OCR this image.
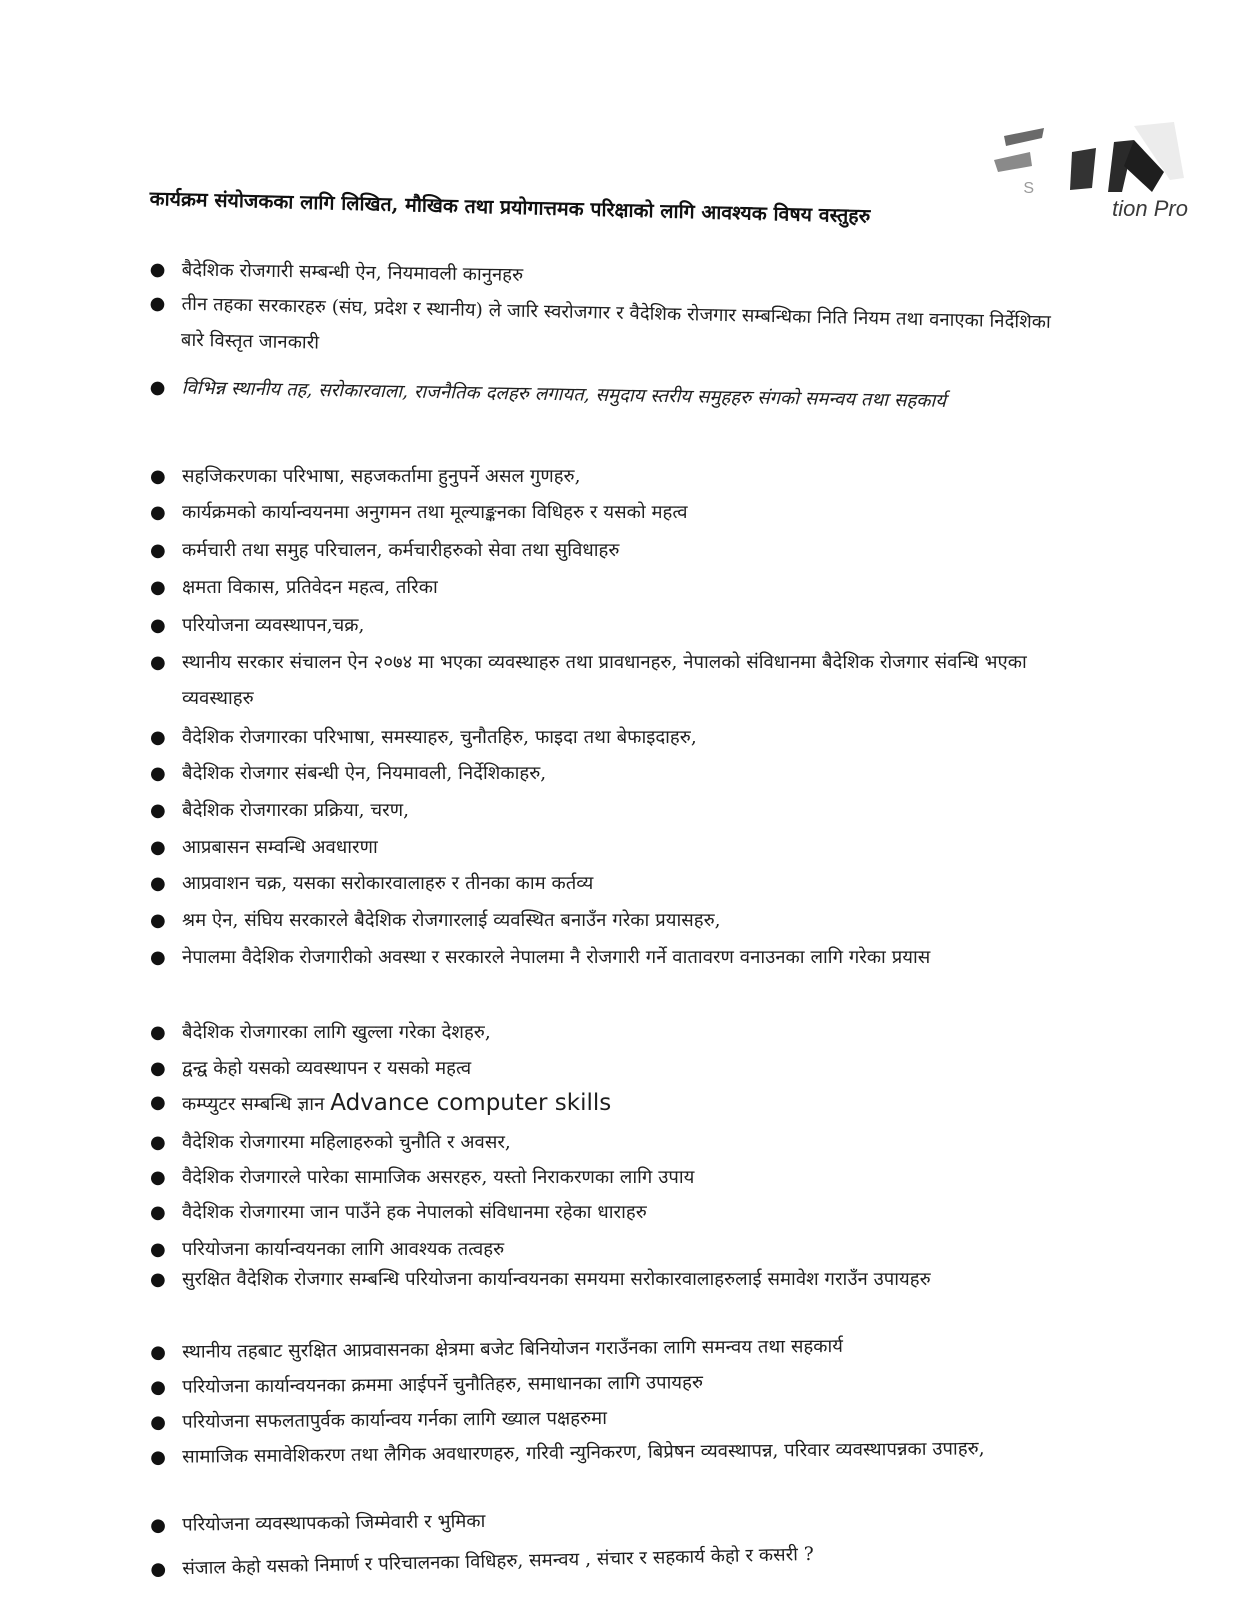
S
tion Pro
कार्यक्रम संयोजकका लागि लिखित, मौखिक तथा प्रयोगात्तमक परिक्षाको लागि आवश्यक विषय वस्तुहरु
● बैदेशिक रोजगारी सम्बन्धी ऐन, नियमावली कानुनहरु
● तीन तहका सरकारहरु (संघ, प्रदेश र स्थानीय) ले जारि स्वरोजगार र वैदेशिक रोजगार सम्बन्धिका निति नियम तथा वनाएका निर्देशिका बारे विस्तृत जानकारी
● विभिन्न स्थानीय तह, सरोकारवाला, राजनैतिक दलहरु लगायत, समुदाय स्तरीय समुहहरु संगको समन्वय तथा सहकार्य
● सहजिकरणका परिभाषा, सहजकर्तामा हुनुपर्ने असल गुणहरु,
● कार्यक्रमको कार्यान्वयनमा अनुगमन तथा मूल्याङ्कनका विधिहरु र यसको महत्व
● कर्मचारी तथा समुह परिचालन, कर्मचारीहरुको सेवा तथा सुविधाहरु
● क्षमता विकास, प्रतिवेदन महत्व, तरिका
● परियोजना व्यवस्थापन,चक्र,
● स्थानीय सरकार संचालन ऐन २०७४ मा भएका व्यवस्थाहरु तथा प्रावधानहरु, नेपालको संविधानमा बैदेशिक रोजगार संवन्धि भएका व्यवस्थाहरु
● वैदेशिक रोजगारका परिभाषा, समस्याहरु, चुनौतहिरु, फाइदा तथा बेफाइदाहरु,
● बैदेशिक रोजगार संबन्धी ऐन, नियमावली, निर्देशिकाहरु,
● बैदेशिक रोजगारका प्रक्रिया, चरण,
● आप्रबासन सम्वन्धि अवधारणा
● आप्रवाशन चक्र, यसका सरोकारवालाहरु र तीनका काम कर्तव्य
● श्रम ऐन, संघिय सरकारले बैदेशिक रोजगारलाई व्यवस्थित बनाउँन गरेका प्रयासहरु,
● नेपालमा वैदेशिक रोजगारीको अवस्था र सरकारले नेपालमा नै रोजगारी गर्ने वातावरण वनाउनका लागि गरेका प्रयास
● बैदेशिक रोजगारका लागि खुल्ला गरेका देशहरु,
● द्वन्द्व केहो यसको व्यवस्थापन र यसको महत्व
● कम्प्युटर सम्बन्धि ज्ञान Advance computer skills
● वैदेशिक रोजगारमा महिलाहरुको चुनौति र अवसर,
● वैदेशिक रोजगारले पारेका सामाजिक असरहरु, यस्तो निराकरणका लागि उपाय
● वैदेशिक रोजगारमा जान पाउँने हक नेपालको संविधानमा रहेका धाराहरु
● परियोजना कार्यान्वयनका लागि आवश्यक तत्वहरु
● सुरक्षित वैदेशिक रोजगार सम्बन्धि परियोजना कार्यान्वयनका समयमा सरोकारवालाहरुलाई समावेश गराउँन उपायहरु
● स्थानीय तहबाट सुरक्षित आप्रवासनका क्षेत्रमा बजेट बिनियोजन गराउँनका लागि समन्वय तथा सहकार्य
● परियोजना कार्यान्वयनका क्रममा आईपर्ने चुनौतिहरु, समाधानका लागि उपायहरु
● परियोजना सफलतापुर्वक कार्यान्वय गर्नका लागि ख्याल पक्षहरुमा
● सामाजिक समावेशिकरण तथा लैगिक अवधारणहरु, गरिवी न्युनिकरण, बिप्रेषन व्यवस्थापन्न, परिवार व्यवस्थापन्नका उपाहरु,
● परियोजना व्यवस्थापकको जिम्मेवारी र भुमिका
● संजाल केहो यसको निमार्ण र परिचालनका विधिहरु, समन्वय , संचार र सहकार्य केहो र कसरी ?
